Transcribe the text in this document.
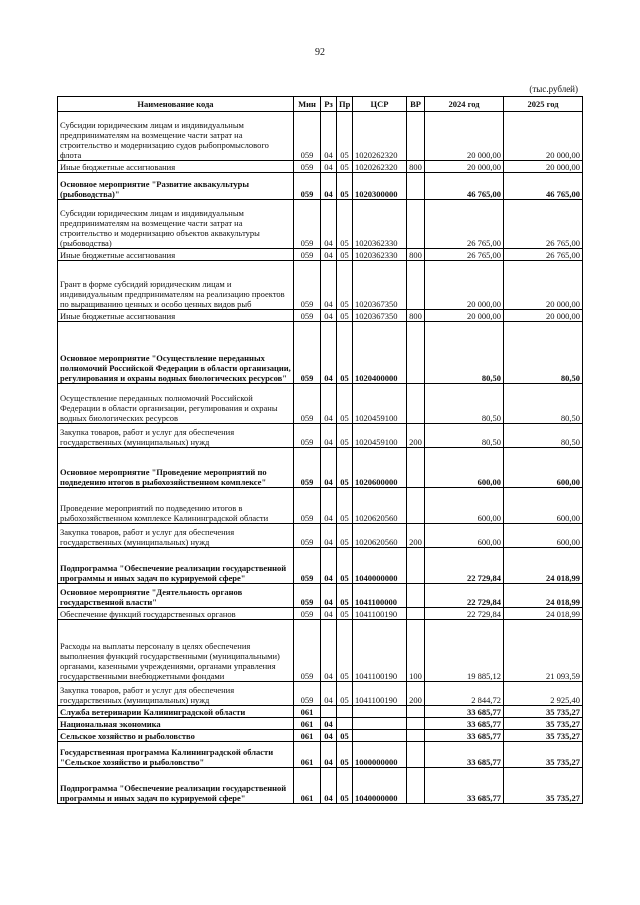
92
(тыс.рублей)
Наименование кода	Мин	Рз	Пр	ЦСР	ВР	2024 год	2025 год
Субсидии юридическим лицам и индивидуальным предпринимателям на возмещение части затрат на строительство и модернизацию судов рыбопромыслового флота	059	04	05	1020262320		20 000,00	20 000,00
Иные бюджетные ассигнования	059	04	05	1020262320	800	20 000,00	20 000,00
Основное мероприятие "Развитие аквакультуры (рыбоводства)"	059	04	05	1020300000		46 765,00	46 765,00
Субсидии юридическим лицам и индивидуальным предпринимателям на возмещение части затрат на строительство и модернизацию объектов аквакультуры (рыбоводства)	059	04	05	1020362330		26 765,00	26 765,00
Иные бюджетные ассигнования	059	04	05	1020362330	800	26 765,00	26 765,00
Грант в форме субсидий юридическим лицам и индивидуальным предпринимателям на реализацию проектов по выращиванию ценных и особо ценных видов рыб	059	04	05	1020367350		20 000,00	20 000,00
Иные бюджетные ассигнования	059	04	05	1020367350	800	20 000,00	20 000,00
Основное мероприятие "Осуществление переданных полномочий Российской Федерации в области организации, регулирования и охраны водных биологических ресурсов"	059	04	05	1020400000		80,50	80,50
Осуществление переданных полномочий Российской Федерации в области организации, регулирования и охраны водных биологических ресурсов	059	04	05	1020459100		80,50	80,50
Закупка товаров, работ и услуг для обеспечения государственных (муниципальных) нужд	059	04	05	1020459100	200	80,50	80,50
Основное мероприятие "Проведение мероприятий по подведению итогов в рыбохозяйственном комплексе"	059	04	05	1020600000		600,00	600,00
Проведение мероприятий по подведению итогов в рыбохозяйственном комплексе Калининградской области	059	04	05	1020620560		600,00	600,00
Закупка товаров, работ и услуг для обеспечения государственных (муниципальных) нужд	059	04	05	1020620560	200	600,00	600,00
Подпрограмма "Обеспечение реализации государственной программы и иных задач по курируемой сфере"	059	04	05	1040000000		22 729,84	24 018,99
Основное мероприятие "Деятельность органов государственной власти"	059	04	05	1041100000		22 729,84	24 018,99
Обеспечение функций государственных органов	059	04	05	1041100190		22 729,84	24 018,99
Расходы на выплаты персоналу в целях обеспечения выполнения функций государственными (муниципальными) органами, казенными учреждениями, органами управления государственными внебюджетными фондами	059	04	05	1041100190	100	19 885,12	21 093,59
Закупка товаров, работ и услуг для обеспечения государственных (муниципальных) нужд	059	04	05	1041100190	200	2 844,72	2 925,40
Служба ветеринарии Калининградской области	061					33 685,77	35 735,27
Национальная экономика	061	04				33 685,77	35 735,27
Сельское хозяйство и рыболовство	061	04	05			33 685,77	35 735,27
Государственная программа Калининградской области "Сельское хозяйство и рыболовство"	061	04	05	1000000000		33 685,77	35 735,27
Подпрограмма "Обеспечение реализации государственной программы и иных задач по курируемой сфере"	061	04	05	1040000000		33 685,77	35 735,27
